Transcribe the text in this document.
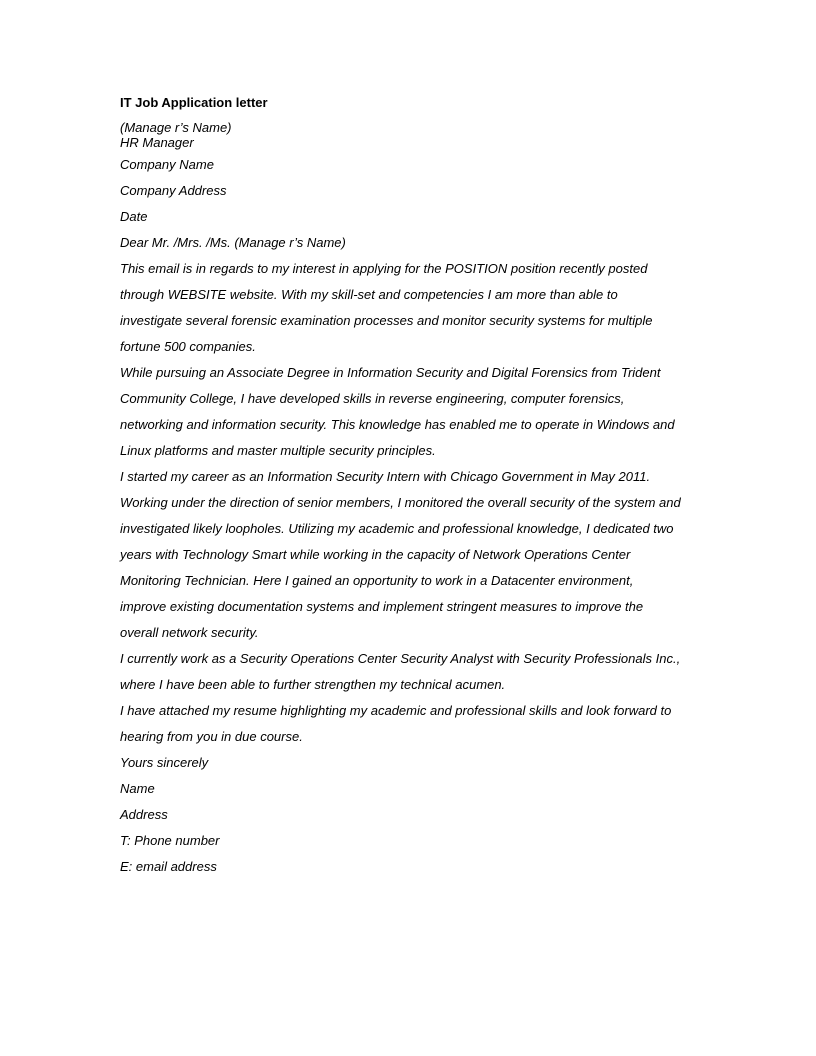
IT Job Application letter
(Manage r’s Name)
HR Manager
Company Name
Company Address
Date
Dear Mr. /Mrs. /Ms. (Manage r’s Name)
This email is in regards to my interest in applying for the POSITION position recently posted
through WEBSITE website. With my skill-set and competencies I am more than able to
investigate several forensic examination processes and monitor security systems for multiple
fortune 500 companies.
While pursuing an Associate Degree in Information Security and Digital Forensics from Trident
Community College, I have developed skills in reverse engineering, computer forensics,
networking and information security. This knowledge has enabled me to operate in Windows and
Linux platforms and master multiple security principles.
I started my career as an Information Security Intern with Chicago Government in May 2011.
Working under the direction of senior members, I monitored the overall security of the system and
investigated likely loopholes. Utilizing my academic and professional knowledge, I dedicated two
years with Technology Smart while working in the capacity of Network Operations Center
Monitoring Technician. Here I gained an opportunity to work in a Datacenter environment,
improve existing documentation systems and implement stringent measures to improve the
overall network security.
I currently work as a Security Operations Center Security Analyst with Security Professionals Inc.,
where I have been able to further strengthen my technical acumen.
I have attached my resume highlighting my academic and professional skills and look forward to
hearing from you in due course.
Yours sincerely
Name
Address
T: Phone number
E: email address
